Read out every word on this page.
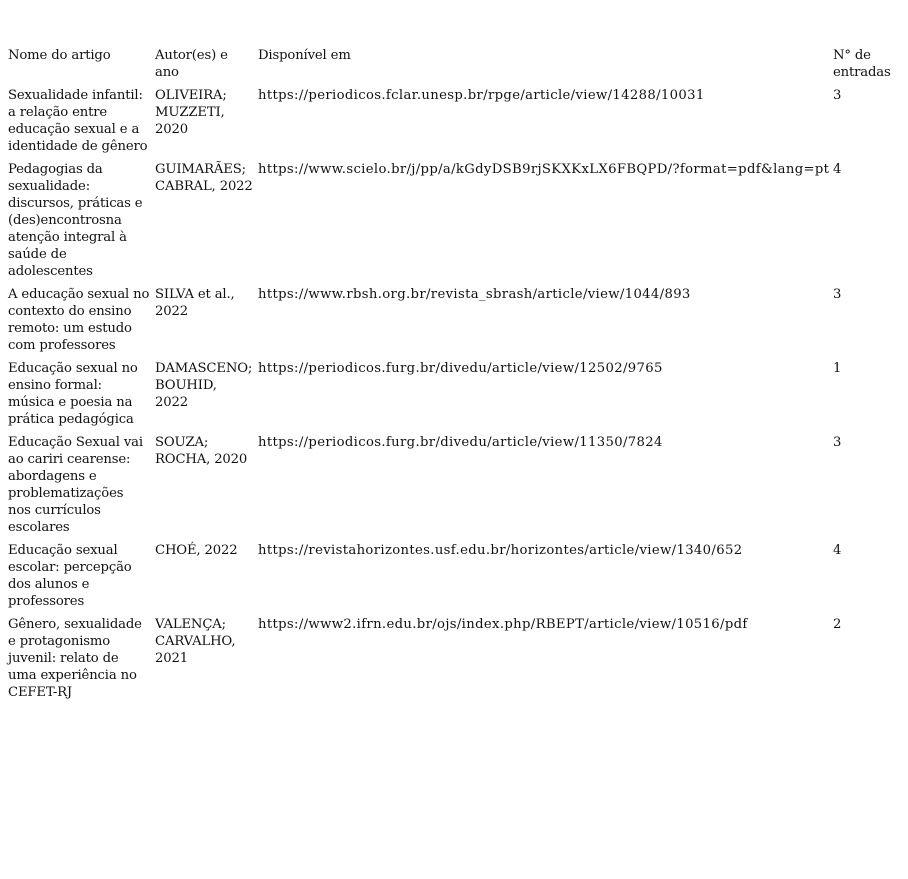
Nome do artigo	Autor(es) e ano	Disponível em	N° de entradas
Sexualidade infantil: a relação entre educação sexual e a identidade de gênero	OLIVEIRA; MUZZETI, 2020	https://periodicos.fclar.unesp.br/rpge/article/view/14288/10031	3
Pedagogias da sexualidade: discursos, práticas e (des)encontrosna atenção integral à saúde de adolescentes	GUIMARÃES; CABRAL, 2022	https://www.scielo.br/j/pp/a/kGdyDSB9rjSKXKxLX6FBQPD/?format=pdf&lang=pt	4
A educação sexual no contexto do ensino remoto: um estudo com professores	SILVA et al., 2022	https://www.rbsh.org.br/revista_sbrash/article/view/1044/893	3
Educação sexual no ensino formal: música e poesia na prática pedagógica	DAMASCENO; BOUHID, 2022	https://periodicos.furg.br/divedu/article/view/12502/9765	1
Educação Sexual vai ao cariri cearense: abordagens e problematizações nos currículos escolares	SOUZA; ROCHA, 2020	https://periodicos.furg.br/divedu/article/view/11350/7824	3
Educação sexual escolar: percepção dos alunos e professores	CHOÉ, 2022	https://revistahorizontes.usf.edu.br/horizontes/article/view/1340/652	4
Gênero, sexualidade e protagonismo juvenil: relato de uma experiência no CEFET-RJ	VALENÇA; CARVALHO, 2021	https://www2.ifrn.edu.br/ojs/index.php/RBEPT/article/view/10516/pdf	2
